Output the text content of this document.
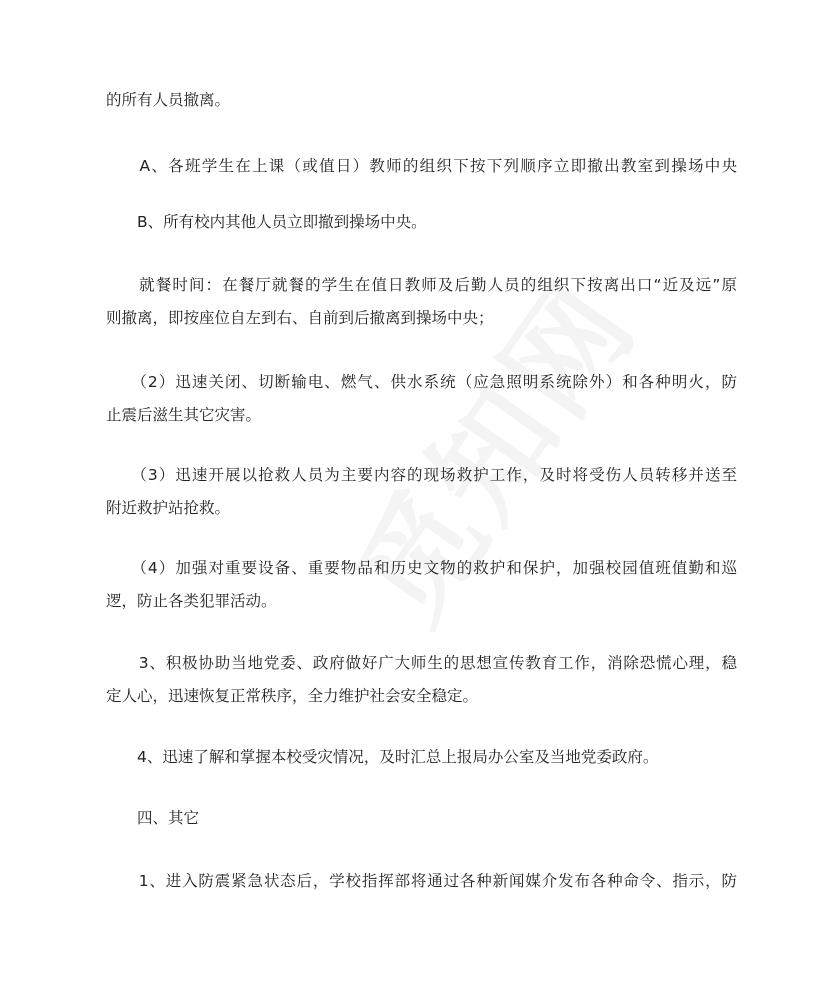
的所有人员撤离。
　　A、各班学生在上课（或值日）教师的组织下按下列顺序立即撤出教室到操场中央
　　B、所有校内其他人员立即撤到操场中央。
　　就餐时间：在餐厅就餐的学生在值日教师及后勤人员的组织下按离出口“近及远”原
则撤离，即按座位自左到右、自前到后撤离到操场中央；
　　（2）迅速关闭、切断输电、燃气、供水系统（应急照明系统除外）和各种明火，防
止震后滋生其它灾害。
　　（3）迅速开展以抢救人员为主要内容的现场救护工作，及时将受伤人员转移并送至
附近救护站抢救。
　　（4）加强对重要设备、重要物品和历史文物的救护和保护，加强校园值班值勤和巡
逻，防止各类犯罪活动。
　　3、积极协助当地党委、政府做好广大师生的思想宣传教育工作，消除恐慌心理，稳
定人心，迅速恢复正常秩序，全力维护社会安全稳定。
　　4、迅速了解和掌握本校受灾情况，及时汇总上报局办公室及当地党委政府。
　　四、其它
　　1、进入防震紧急状态后，学校指挥部将通过各种新闻媒介发布各种命令、指示，防
